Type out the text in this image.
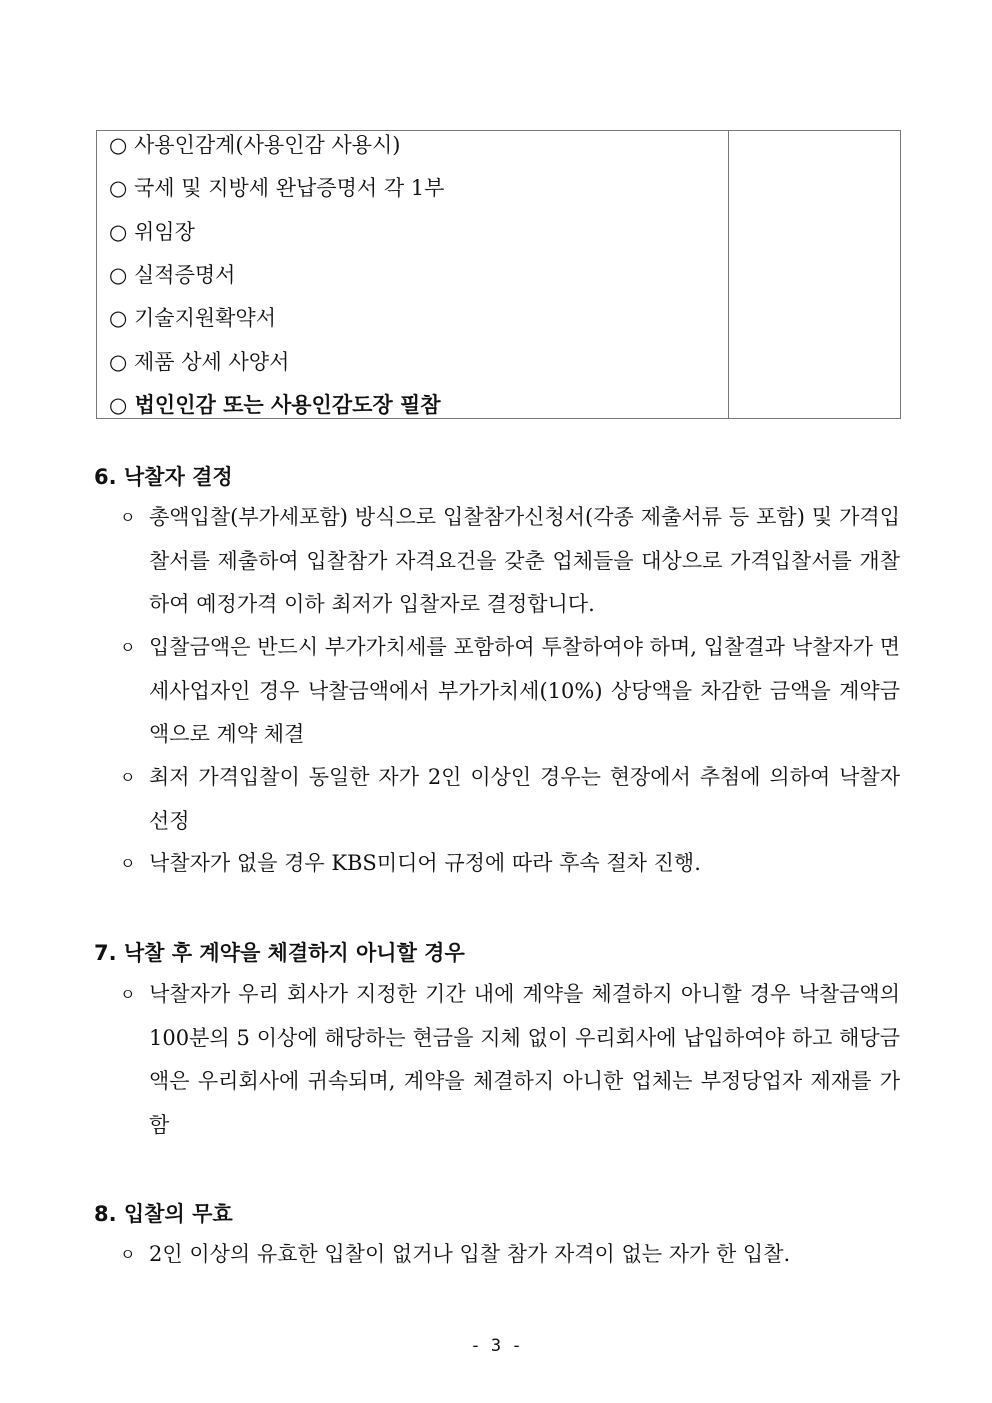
○ 사용인감계(사용인감 사용시)
○ 국세 및 지방세 완납증명서 각 1부
○ 위임장
○ 실적증명서
○ 기술지원확약서
○ 제품 상세 사양서
○ 법인인감 또는 사용인감도장 필참
6. 낙찰자 결정
ㅇ 총액입찰(부가세포함) 방식으로 입찰참가신청서(각종 제출서류 등 포함) 및 가격입찰서를 제출하여 입찰참가 자격요건을 갖춘 업체들을 대상으로 가격입찰서를 개찰하여 예정가격 이하 최저가 입찰자로 결정합니다.
ㅇ 입찰금액은 반드시 부가가치세를 포함하여 투찰하여야 하며, 입찰결과 낙찰자가 면세사업자인 경우 낙찰금액에서 부가가치세(10%) 상당액을 차감한 금액을 계약금액으로 계약 체결
ㅇ 최저 가격입찰이 동일한 자가 2인 이상인 경우는 현장에서 추첨에 의하여 낙찰자 선정
ㅇ 낙찰자가 없을 경우 KBS미디어 규정에 따라 후속 절차 진행.
7. 낙찰 후 계약을 체결하지 아니할 경우
ㅇ 낙찰자가 우리 회사가 지정한 기간 내에 계약을 체결하지 아니할 경우 낙찰금액의 100분의 5 이상에 해당하는 현금을 지체 없이 우리회사에 납입하여야 하고 해당금액은 우리회사에 귀속되며, 계약을 체결하지 아니한 업체는 부정당업자 제재를 가함
8. 입찰의 무효
ㅇ 2인 이상의 유효한 입찰이 없거나 입찰 참가 자격이 없는 자가 한 입찰.
- 3 -
